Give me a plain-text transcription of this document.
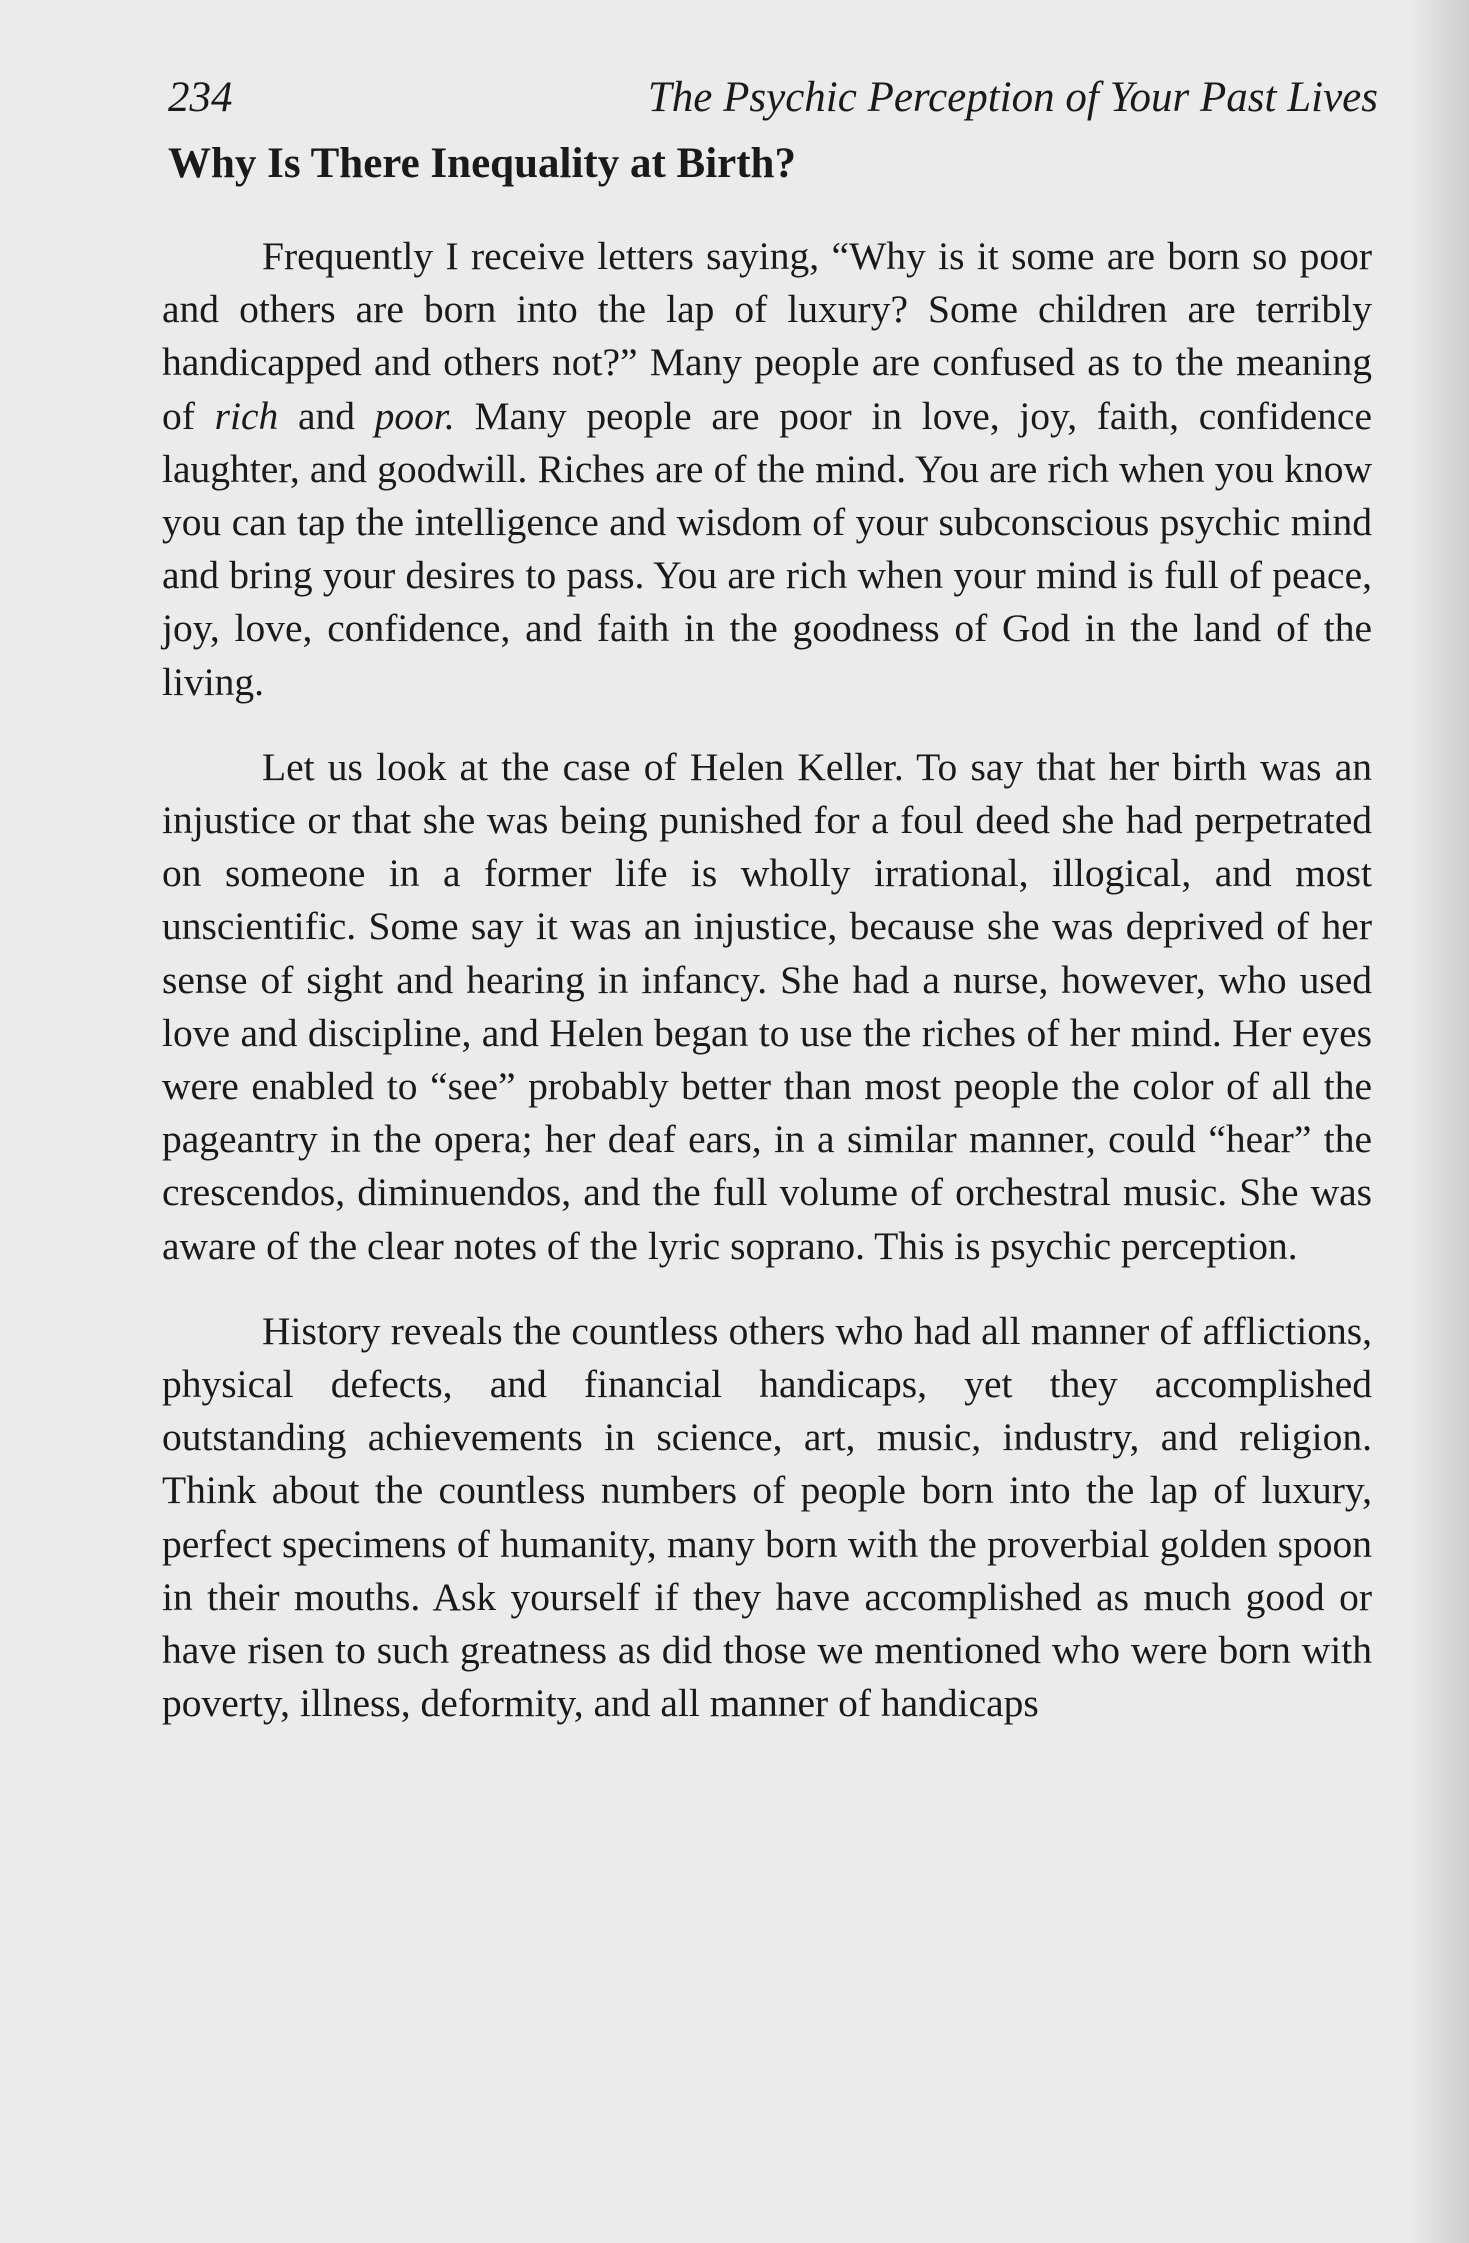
234	The Psychic Perception of Your Past Lives
Why Is There Inequality at Birth?

Frequently I receive letters saying, “Why is it some are born so poor and others are born into the lap of luxury? Some children are terribly handicapped and others not?” Many people are confused as to the meaning of rich and poor. Many people are poor in love, joy, faith, confidence laughter, and goodwill. Riches are of the mind. You are rich when you know you can tap the intelligence and wisdom of your subconscious psychic mind and bring your desires to pass. You are rich when your mind is full of peace, joy, love, confidence, and faith in the goodness of God in the land of the living.

Let us look at the case of Helen Keller. To say that her birth was an injustice or that she was being punished for a foul deed she had perpetrated on someone in a former life is wholly irrational, illogical, and most unscientific. Some say it was an injustice, because she was deprived of her sense of sight and hearing in infancy. She had a nurse, however, who used love and discipline, and Helen began to use the riches of her mind. Her eyes were enabled to “see” probably better than most people the color of all the pageantry in the opera; her deaf ears, in a similar manner, could “hear” the crescendos, diminuendos, and the full volume of orchestral music. She was aware of the clear notes of the lyric soprano. This is psychic perception.

History reveals the countless others who had all manner of afflictions, physical defects, and financial handicaps, yet they accomplished outstanding achievements in science, art, music, industry, and religion. Think about the countless numbers of people born into the lap of luxury, perfect specimens of humanity, many born with the proverbial golden spoon in their mouths. Ask yourself if they have accomplished as much good or have risen to such greatness as did those we mentioned who were born with poverty, illness, deformity, and all manner of handicaps
